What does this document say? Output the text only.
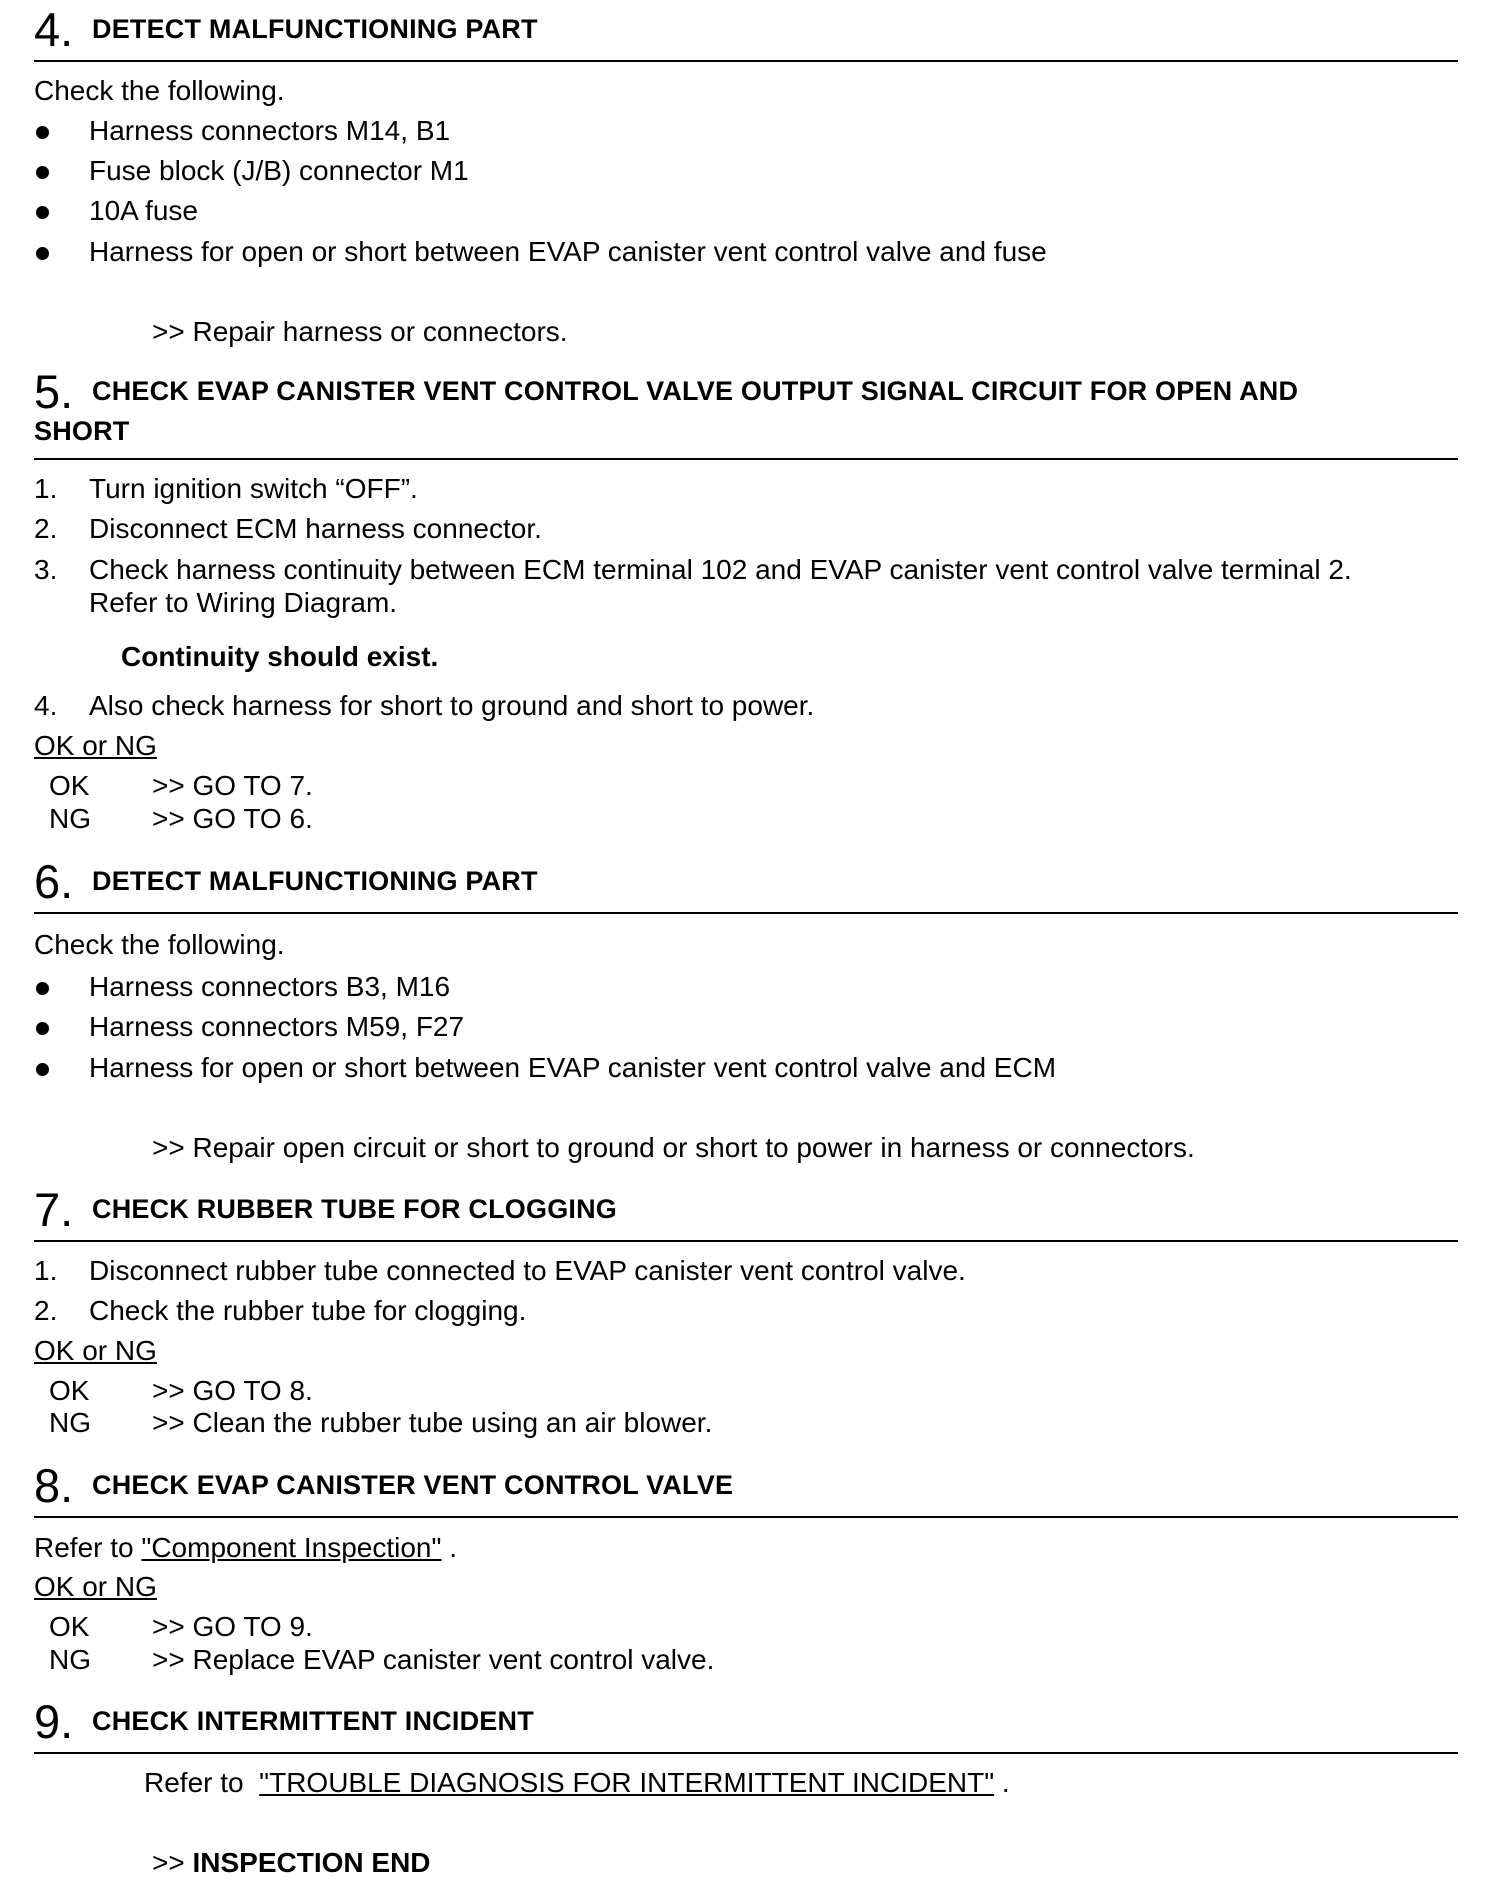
4. DETECT MALFUNCTIONING PART
Check the following.
Harness connectors M14, B1
Fuse block (J/B) connector M1
10A fuse
Harness for open or short between EVAP canister vent control valve and fuse
>> Repair harness or connectors.
5. CHECK EVAP CANISTER VENT CONTROL VALVE OUTPUT SIGNAL CIRCUIT FOR OPEN AND
SHORT
1. Turn ignition switch “OFF”.
2. Disconnect ECM harness connector.
3. Check harness continuity between ECM terminal 102 and EVAP canister vent control valve terminal 2.
Refer to Wiring Diagram.
Continuity should exist.
4. Also check harness for short to ground and short to power.
OK or NG
OK >> GO TO 7.
NG >> GO TO 6.
6. DETECT MALFUNCTIONING PART
Check the following.
Harness connectors B3, M16
Harness connectors M59, F27
Harness for open or short between EVAP canister vent control valve and ECM
>> Repair open circuit or short to ground or short to power in harness or connectors.
7. CHECK RUBBER TUBE FOR CLOGGING
1. Disconnect rubber tube connected to EVAP canister vent control valve.
2. Check the rubber tube for clogging.
OK or NG
OK >> GO TO 8.
NG >> Clean the rubber tube using an air blower.
8. CHECK EVAP CANISTER VENT CONTROL VALVE
Refer to "Component Inspection" .
OK or NG
OK >> GO TO 9.
NG >> Replace EVAP canister vent control valve.
9. CHECK INTERMITTENT INCIDENT
Refer to  "TROUBLE DIAGNOSIS FOR INTERMITTENT INCIDENT" .
>> INSPECTION END
